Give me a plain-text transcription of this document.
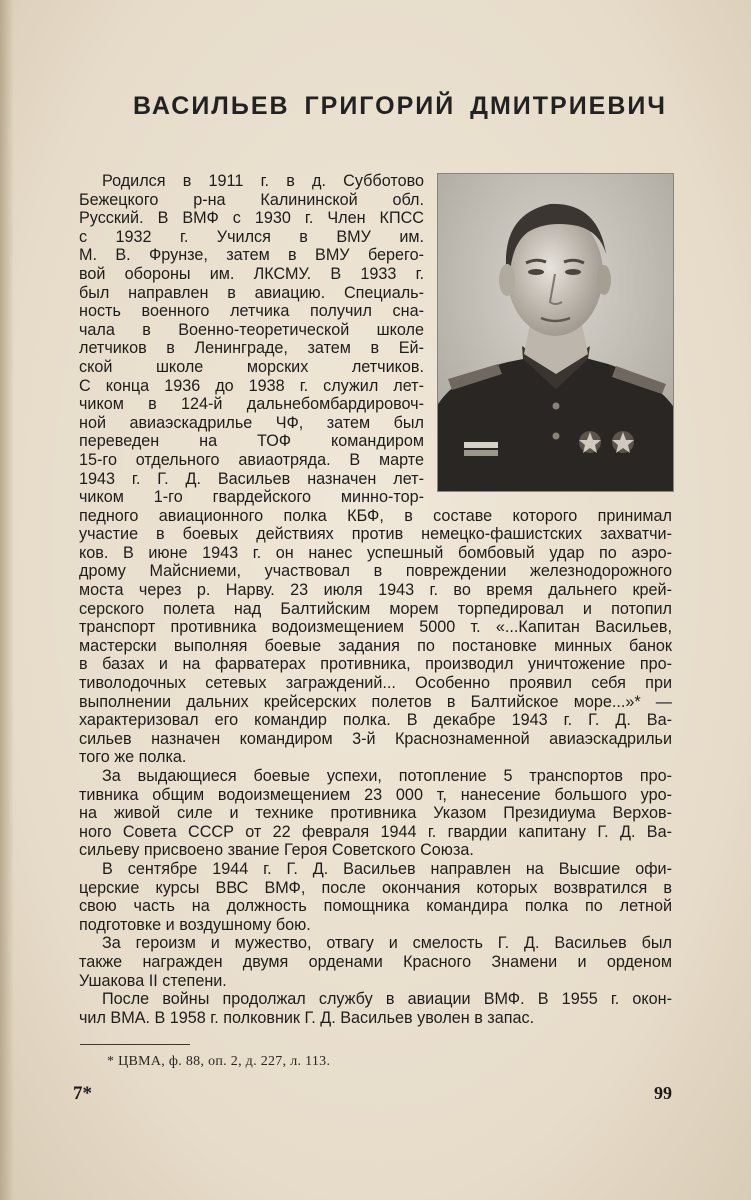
ВАСИЛЬЕВ ГРИГОРИЙ ДМИТРИЕВИЧ
Родился в 1911 г. в д. Субботово
Бежецкого р-на Калининской обл.
Русский. В ВМФ с 1930 г. Член КПСС
с 1932 г. Учился в ВМУ им.
М. В. Фрунзе, затем в ВМУ берего-
вой обороны им. ЛКСМУ. В 1933 г.
был направлен в авиацию. Специаль-
ность военного летчика получил сна-
чала в Военно-теоретической школе
летчиков в Ленинграде, затем в Ей-
ской школе морских летчиков.
С конца 1936 до 1938 г. служил лет-
чиком в 124-й дальнебомбардировоч-
ной авиаэскадрилье ЧФ, затем был
переведен на ТОФ командиром
15-го отдельного авиаотряда. В марте
1943 г. Г. Д. Васильев назначен лет-
чиком 1-го гвардейского минно-тор-
педного авиационного полка КБФ, в составе которого принимал
участие в боевых действиях против немецко-фашистских захватчи-
ков. В июне 1943 г. он нанес успешный бомбовый удар по аэро-
дрому Майсниеми, участвовал в повреждении железнодорожного
моста через р. Нарву. 23 июля 1943 г. во время дальнего крей-
серского полета над Балтийским морем торпедировал и потопил
транспорт противника водоизмещением 5000 т. «...Капитан Васильев,
мастерски выполняя боевые задания по постановке минных банок
в базах и на фарватерах противника, производил уничтожение про-
тиволодочных сетевых заграждений... Особенно проявил себя при
выполнении дальних крейсерских полетов в Балтийское море...»* —
характеризовал его командир полка. В декабре 1943 г. Г. Д. Ва-
сильев назначен командиром 3-й Краснознаменной авиаэскадрильи
того же полка.
За выдающиеся боевые успехи, потопление 5 транспортов про-
тивника общим водоизмещением 23 000 т, нанесение большого уро-
на живой силе и технике противника Указом Президиума Верхов-
ного Совета СССР от 22 февраля 1944 г. гвардии капитану Г. Д. Ва-
сильеву присвоено звание Героя Советского Союза.
В сентябре 1944 г. Г. Д. Васильев направлен на Высшие офи-
церские курсы ВВС ВМФ, после окончания которых возвратился в
свою часть на должность помощника командира полка по летной
подготовке и воздушному бою.
За героизм и мужество, отвагу и смелость Г. Д. Васильев был
также награжден двумя орденами Красного Знамени и орденом
Ушакова II степени.
После войны продолжал службу в авиации ВМФ. В 1955 г. окон-
чил ВМА. В 1958 г. полковник Г. Д. Васильев уволен в запас.
* ЦВМА, ф. 88, оп. 2, д. 227, л. 113.
7*	99
